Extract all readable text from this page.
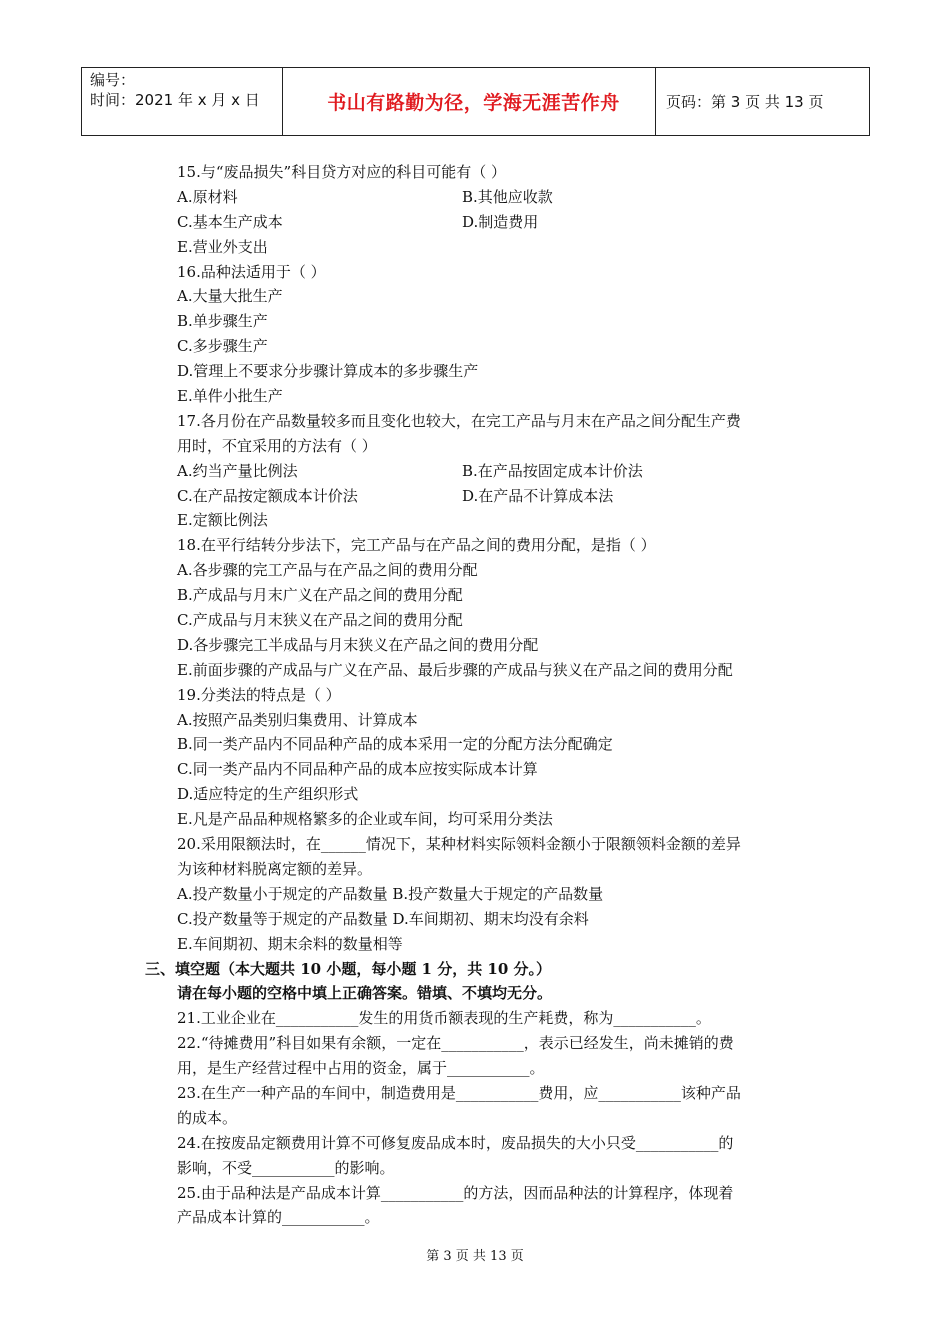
编号：
时间：2021 年 x 月 x 日	书山有路勤为径，学海无涯苦作舟	页码：第 3 页 共 13 页
15.与“废品损失”科目贷方对应的科目可能有（ ）
A.原材料	B.其他应收款
C.基本生产成本	D.制造费用
E.营业外支出
16.品种法适用于（ ）
A.大量大批生产
B.单步骤生产
C.多步骤生产
D.管理上不要求分步骤计算成本的多步骤生产
E.单件小批生产
17.各月份在产品数量较多而且变化也较大，在完工产品与月末在产品之间分配生产费
用时，不宜采用的方法有（ ）
A.约当产量比例法	B.在产品按固定成本计价法
C.在产品按定额成本计价法	D.在产品不计算成本法
E.定额比例法
18.在平行结转分步法下，完工产品与在产品之间的费用分配，是指（ ）
A.各步骤的完工产品与在产品之间的费用分配
B.产成品与月末广义在产品之间的费用分配
C.产成品与月末狭义在产品之间的费用分配
D.各步骤完工半成品与月末狭义在产品之间的费用分配
E.前面步骤的产成品与广义在产品、最后步骤的产成品与狭义在产品之间的费用分配
19.分类法的特点是（ ）
A.按照产品类别归集费用、计算成本
B.同一类产品内不同品种产品的成本采用一定的分配方法分配确定
C.同一类产品内不同品种产品的成本应按实际成本计算
D.适应特定的生产组织形式
E.凡是产品品种规格繁多的企业或车间，均可采用分类法
20.采用限额法时，在______情况下，某种材料实际领料金额小于限额领料金额的差异
为该种材料脱离定额的差异。
A.投产数量小于规定的产品数量 B.投产数量大于规定的产品数量
C.投产数量等于规定的产品数量 D.车间期初、期末均没有余料
E.车间期初、期末余料的数量相等
三、填空题（本大题共 10 小题，每小题 1 分，共 10 分。）
请在每小题的空格中填上正确答案。错填、不填均无分。
21.工业企业在___________发生的用货币额表现的生产耗费，称为___________。
22.“待摊费用”科目如果有余额，一定在___________，表示已经发生，尚未摊销的费
用，是生产经营过程中占用的资金，属于___________。
23.在生产一种产品的车间中，制造费用是___________费用，应___________该种产品
的成本。
24.在按废品定额费用计算不可修复废品成本时，废品损失的大小只受___________的
影响，不受___________的影响。
25.由于品种法是产品成本计算___________的方法，因而品种法的计算程序，体现着
产品成本计算的___________。
第 3 页 共 13 页
